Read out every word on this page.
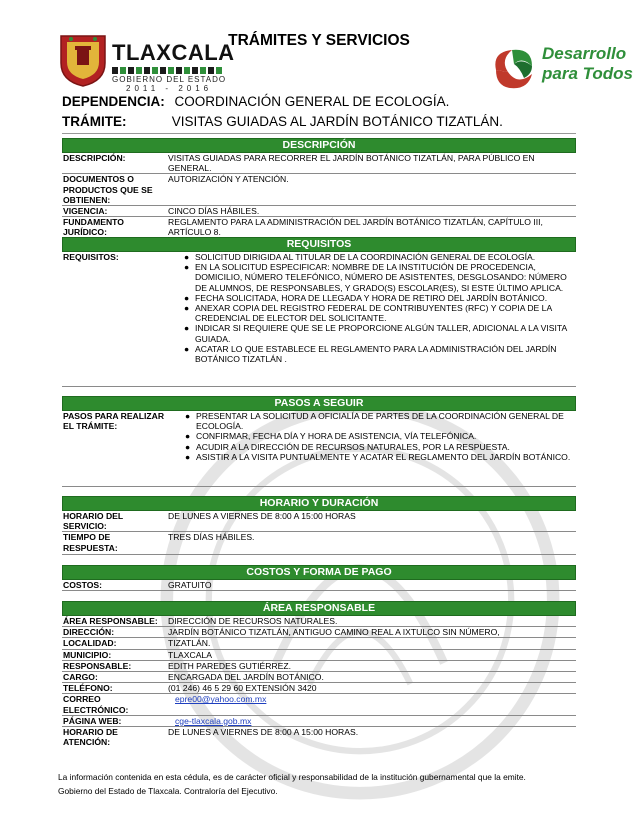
TLAXCALA
GOBIERNO DEL ESTADO
2011 - 2016
TRÁMITES Y SERVICIOS
Desarrollo
para Todos
DEPENDENCIA: COORDINACIÓN GENERAL DE ECOLOGÍA.
TRÁMITE:	VISITAS GUIADAS AL JARDÍN BOTÁNICO TIZATLÁN.
DESCRIPCIÓN
DESCRIPCIÓN:	VISITAS GUIADAS PARA RECORRER EL JARDÍN BOTÁNICO TIZATLÁN, PARA PÚBLICO EN GENERAL.
DOCUMENTOS O PRODUCTOS QUE SE OBTIENEN:
AUTORIZACIÓN Y ATENCIÓN.
VIGENCIA:	CINCO DÍAS HÁBILES.
FUNDAMENTO JURÍDICO:
REGLAMENTO PARA LA ADMINISTRACIÓN DEL JARDÍN BOTÁNICO TIZATLÁN, CAPÍTULO III, ARTÍCULO 8.
REQUISITOS
REQUISITOS:	● SOLICITUD DIRIGIDA AL TITULAR DE LA COORDINACIÓN GENERAL DE ECOLOGÍA.
● EN LA SOLICITUD ESPECIFICAR: NOMBRE DE LA INSTITUCIÓN DE PROCEDENCIA, DOMICILIO, NÚMERO TELEFÓNICO, NÚMERO DE ASISTENTES, DESGLOSANDO: NÚMERO DE ALUMNOS, DE RESPONSABLES, Y GRADO(S) ESCOLAR(ES), SI ESTE ÚLTIMO APLICA.
● FECHA SOLICITADA, HORA DE LLEGADA Y HORA DE RETIRO DEL JARDÍN BOTÁNICO.
● ANEXAR COPIA DEL REGISTRO FEDERAL DE CONTRIBUYENTES (RFC) Y COPIA DE LA CREDENCIAL DE ELECTOR DEL SOLICITANTE.
● INDICAR SI REQUIERE QUE SE LE PROPORCIONE ALGÚN TALLER, ADICIONAL A LA VISITA GUIADA.
● ACATAR LO QUE ESTABLECE EL REGLAMENTO PARA LA ADMINISTRACIÓN DEL JARDÍN BOTÁNICO TIZATLÁN .
PASOS A SEGUIR
PASOS PARA REALIZAR EL TRÁMITE:
● PRESENTAR LA SOLICITUD A OFICIALÍA DE PARTES DE LA COORDINACIÓN GENERAL DE ECOLOGÍA.
● CONFIRMAR, FECHA DÍA Y HORA DE ASISTENCIA, VÍA TELEFÓNICA.
● ACUDIR A LA DIRECCIÓN DE RECURSOS NATURALES, POR LA RESPUESTA.
● ASISTIR A LA VISITA PUNTUALMENTE Y ACATAR EL REGLAMENTO DEL JARDÍN BOTÁNICO.
HORARIO Y DURACIÓN
HORARIO DEL SERVICIO:
DE LUNES A VIERNES DE 8:00 A 15:00 HORAS
TIEMPO DE RESPUESTA:
TRES DÍAS HÁBILES.
COSTOS Y FORMA DE PAGO
COSTOS:	GRATUITO
ÁREA RESPONSABLE
ÁREA RESPONSABLE:	DIRECCIÓN DE RECURSOS NATURALES.
DIRECCIÓN:	JARDÍN BOTÁNICO TIZATLÁN, ANTIGUO CAMINO REAL A IXTULCO SIN NÚMERO,
LOCALIDAD:	TIZATLÁN.
MUNICIPIO:	TLAXCALA
RESPONSABLE:	EDITH PAREDES GUTIÉRREZ.
CARGO:	ENCARGADA DEL JARDÍN BOTÁNICO.
TELÉFONO:	(01 246) 46 5 29 60 EXTENSIÓN 3420
CORREO ELECTRÓNICO:
epre00@yahoo.com.mx
PÁGINA WEB:	cge-tlaxcala.gob.mx
HORARIO DE ATENCIÓN:
DE LUNES A VIERNES DE 8:00 A 15:00 HORAS.
La información contenida en esta cédula, es de carácter oficial y responsabilidad de la institución gubernamental que la emite.
Gobierno del Estado de Tlaxcala. Contraloría del Ejecutivo.
